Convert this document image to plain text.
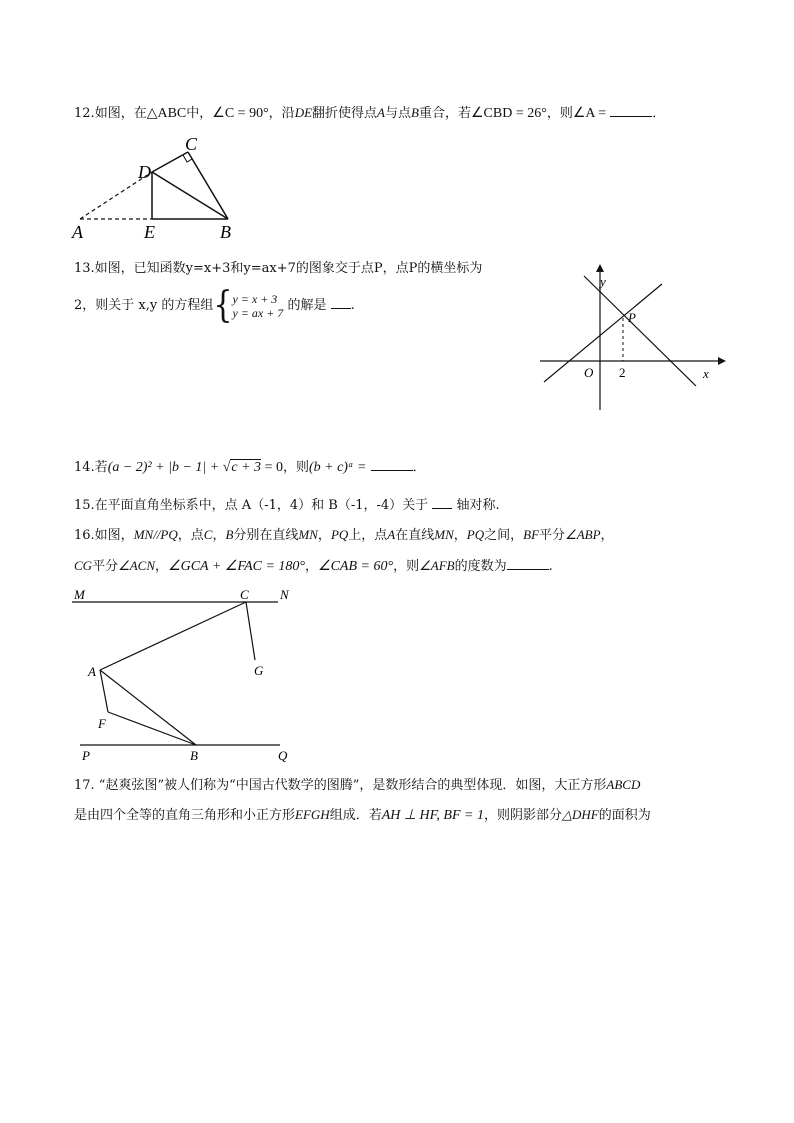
12.如图，在△ABC中，∠C = 90°，沿DE翻折使得点A与点B重合，若∠CBD = 26°，则∠A =	．
C
D
A	E	B
13.如图，已知函数y=x+3和y=ax+7的图象交于点P，点P的横坐标为
2，则关于 x,y 的方程组{y = x + 3
y = ax + 7 的解是 .
y
x
O 2
P
14.若(a − 2)² + |b − 1| + √c + 3 = 0，则(b + c)ᵃ =	．
15.在平面直角坐标系中，点 A（-1，4）和 B（-1，-4）关于 轴对称.
16.如图，MN//PQ，点C，B分别在直线MN，PQ上，点A在直线MN，PQ之间，BF平分∠ABP，
CG平分∠ACN，∠GCA + ∠FAC = 180°，∠CAB = 60°，则∠AFB的度数为	.
M	N
C
A	G
F
P	B	Q
17. “赵爽弦图”被人们称为“中国古代数学的图腾”，是数形结合的典型体现．如图，大正方形ABCD
是由四个全等的直角三角形和小正方形EFGH组成．若AH ⊥ HF, BF = 1，则阴影部分△DHF的面积为
